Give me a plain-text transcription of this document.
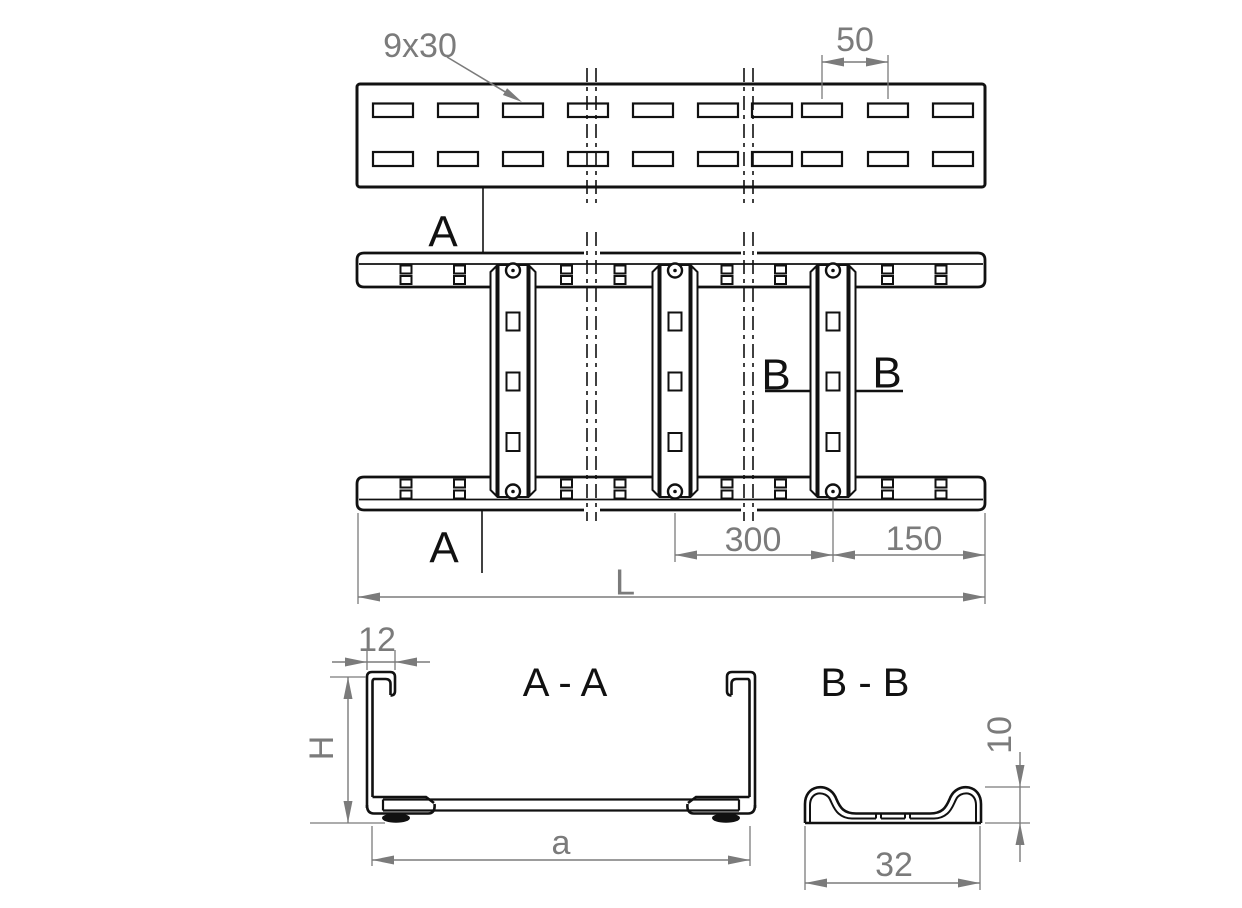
9x30	50
A
A
B B
300	150
L
A - A
12
H
a
B - B
10
32
